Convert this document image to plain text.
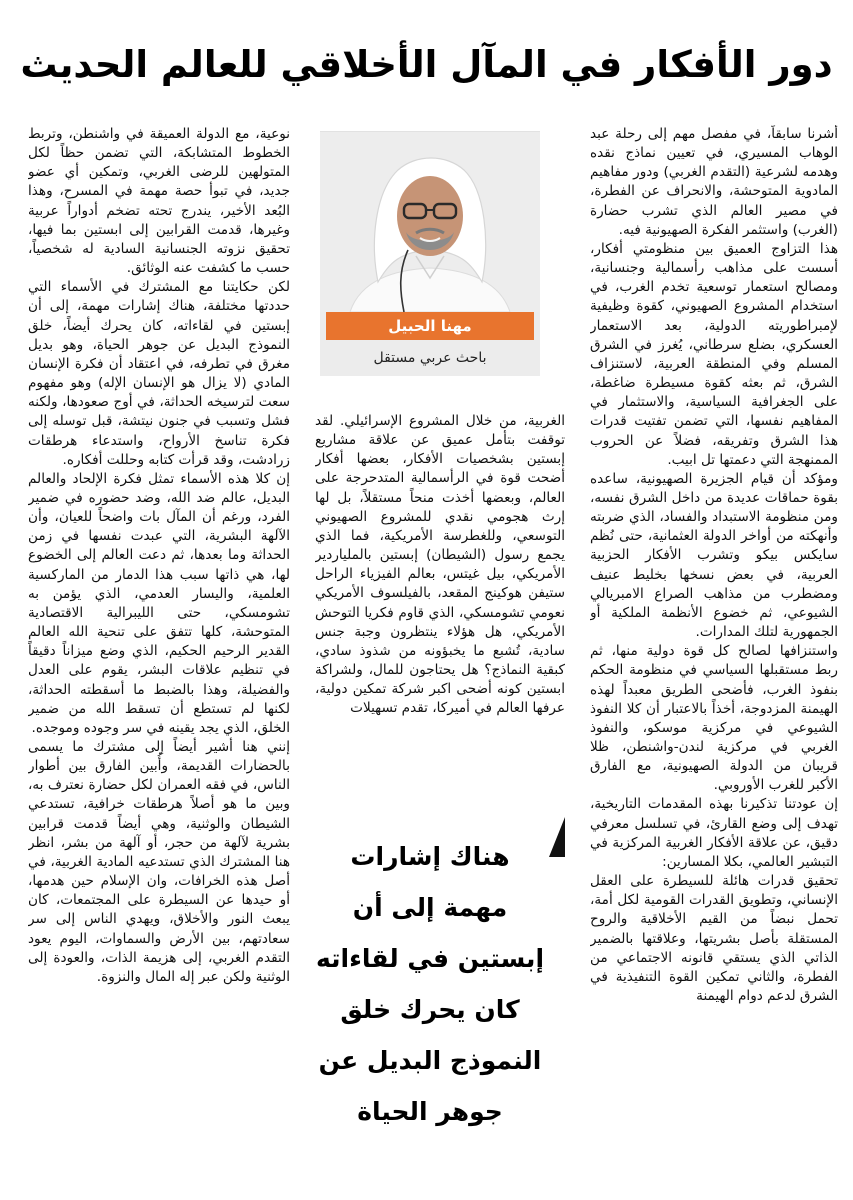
دور الأفكار في المآل الأخلاقي للعالم الحديث

أشرنا سابقاً، في مفصل مهم إلى رحلة عبد الوهاب المسيري، في تعيين نماذج نقده وهدمه لشرعية (التقدم الغربي) ودور مفاهيم المادوية المتوحشة، والانحراف عن الفطرة، في مصير العالم الذي تشرب حضارة (الغرب) واستثمر الفكرة الصهيونية فيه.

هذا التزاوج العميق بين منظومتي أفكار، أسست على مذاهب رأسمالية وجنسانية، ومصالح استعمار توسعية تخدم الغرب، في استخدام المشروع الصهيوني، كقوة وظيفية لإمبراطوريته الدولية، بعد الاستعمار العسكري، بضلع سرطاني، يُغرز في الشرق المسلم وفي المنطقة العربية، لاستنزاف الشرق، ثم بعثه كقوة مسيطرة ضاغطة، على الجغرافية السياسية، والاستثمار في المفاهيم نفسها، التي تضمن تفتيت قدرات هذا الشرق وتفريقه، فضلاً عن الحروب الممنهجة التي دعمتها تل ابيب.

ومؤكد أن قيام الجزيرة الصهيونية، ساعده بقوة حماقات عديدة من داخل الشرق نفسه، ومن منظومة الاستبداد والفساد، الذي ضربته وأنهكته من أواخر الدولة العثمانية، حتى نُظم سايكس بيكو وتشرب الأفكار الحزبية العربية، في بعض نسخها بخليط عنيف ومضطرب من مذاهب الصراع الامبريالي الشيوعي، ثم خضوع الأنظمة الملكية أو الجمهورية لتلك المدارات.

واستنزافها لصالح كل قوة دولية منها، ثم ربط مستقبلها السياسي في منظومة الحكم بنفوذ الغرب، فأضحى الطريق معبداً لهذه الهيمنة المزدوجة، أخذاً بالاعتبار أن كلا النفوذ الشيوعي في مركزية موسكو، والنفوذ الغربي في مركزية لندن-واشنطن، ظلا قريبان من الدولة الصهيونية، مع الفارق الأكبر للغرب الأوروبي.

إن عودتنا تذكيرنا بهذه المقدمات التاريخية، تهدف إلى وضع القارئ، في تسلسل معرفي دقيق، عن علاقة الأفكار الغربية المركزية في التبشير العالمي، بكلا المسارين:

تحقيق قدرات هائلة للسيطرة على العقل الإنساني، وتطويق القدرات القومية لكل أمة، تحمل نبضاً من القيم الأخلاقية والروح المستقلة بأصل بشريتها، وعلاقتها بالضمير الذاتي الذي يستقي قانونه الاجتماعي من الفطرة، والثاني تمكين القوة التنفيذية في الشرق لدعم دوام الهيمنة

مهنا الحبيل
باحث عربي مستقل

الغربية، من خلال المشروع الإسرائيلي. لقد توقفت بتأمل عميق عن علاقة مشاريع إبستين بشخصيات الأفكار، بعضها أفكار أضحت قوة في الرأسمالية المتدحرجة على العالم، وبعضها أخذت منحاً مستقلاً، بل لها إرث هجومي نقدي للمشروع الصهيوني التوسعي، وللغطرسة الأمريكية، فما الذي يجمع رسول (الشيطان) إبستين بالملياردير الأمريكي، بيل غيتس، بعالم الفيزياء الراحل ستيفن هوكينج المقعد، بالفيلسوف الأمريكي نعومي تشومسكي، الذي قاوم فكريا التوحش الأمريكي، هل هؤلاء ينتظرون وجبة جنس سادية، تُشبع ما يخبؤونه من شذوذ سادي، كبقية النماذج؟ هل يحتاجون للمال، ولشراكة ابستين كونه أضحى اكبر شركة تمكين دولية، عرفها العالم في أميركا، تقدم تسهيلات

هناك إشارات مهمة إلى أن إبستين في لقاءاته كان يحرك خلق النموذج البديل عن جوهر الحياة

نوعية، مع الدولة العميقة في واشنطن، وتربط الخطوط المتشابكة، التي تضمن حظاً لكل المتولهين للرضى الغربي، وتمكين أي عضو جديد، في تبوأ حصة مهمة في المسرح، وهذا البُعد الأخير، يندرج تحته تضخم أدواراً عربية وغيرها، قدمت القرابين إلى ابستين بما فيها، تحقيق نزوته الجنسانية السادية له شخصياً، حسب ما كشفت عنه الوثائق.

لكن حكايتنا مع المشترك في الأسماء التي حددتها مختلفة، هناك إشارات مهمة، إلى أن إبستين في لقاءاته، كان يحرك أيضاً، خلق النموذج البديل عن جوهر الحياة، وهو بديل مغرق في تطرفه، في اعتقاد أن فكرة الإنسان المادي (لا يزال هو الإنسان الإله) وهو مفهوم سعت لترسيخه الحداثة، في أوج صعودها، ولكنه فشل وتسبب في جنون نيتشة، قبل توسله إلى فكرة تناسخ الأرواح، واستدعاء هرطقات زرادشت، وقد قرأت كتابه وحللت أفكاره.

إن كلا هذه الأسماء تمثل فكرة الإلحاد والعالم البديل، عالم ضد الله، وضد حضوره في ضمير الفرد، ورغم أن المآل بات واضحاً للعيان، وأن الآلهة البشرية، التي عبدت نفسها في زمن الحداثة وما بعدها، ثم دعت العالم إلى الخضوع لها، هي ذاتها سبب هذا الدمار من الماركسية العلمية، واليسار العدمي، الذي يؤمن به تشومسكي، حتى الليبرالية الاقتصادية المتوحشة، كلها تتفق على تنحية الله العالم القدير الرحيم الحكيم، الذي وضع ميزاناً دقيقاً في تنظيم علاقات البشر، يقوم على العدل والفضيلة، وهذا بالضبط ما أسقطته الحداثة، لكنها لم تستطع أن تسقط الله من ضمير الخلق، الذي يجد يقينه في سر وجوده وموجده.

إنني هنا أشير أيضاً إلى مشترك ما يسمى بالحضارات القديمة، وأُبين الفارق بين أطوار الناس، في فقه العمران لكل حضارة نعترف به، وبين ما هو أصلاً هرطقات خرافية، تستدعي الشيطان والوثنية، وهي أيضاً قدمت قرابين بشرية لآلهة من حجر، أو آلهة من بشر، انظر هنا المشترك الذي تستدعيه المادية الغربية، في أصل هذه الخرافات، وان الإسلام حين هدمها، أو حيدها عن السيطرة على المجتمعات، كان يبعث النور والأخلاق، ويهدي الناس إلى سر سعادتهم، بين الأرض والسماوات، اليوم يعود التقدم الغربي، إلى هزيمة الذات، والعودة إلى الوثنية ولكن عبر إله المال والنزوة.
